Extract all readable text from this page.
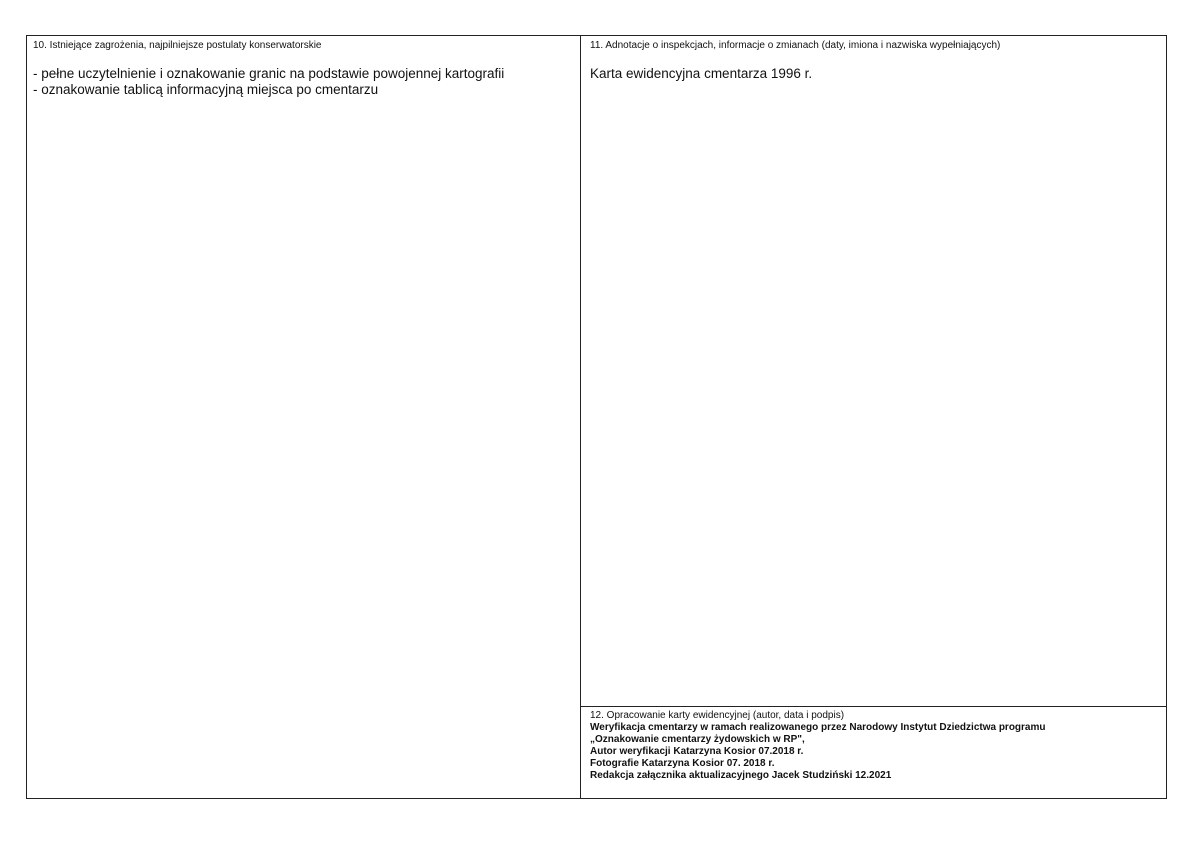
10. Istniejące zagrożenia, najpilniejsze postulaty konserwatorskie
- pełne uczytelnienie i oznakowanie granic na podstawie powojennej kartografii
- oznakowanie tablicą informacyjną miejsca po cmentarzu
11. Adnotacje o inspekcjach, informacje o zmianach (daty, imiona i nazwiska wypełniających)
Karta ewidencyjna cmentarza 1996 r.
12. Opracowanie karty ewidencyjnej (autor, data i podpis)
Weryfikacja cmentarzy w ramach realizowanego przez Narodowy Instytut Dziedzictwa programu
„Oznakowanie cmentarzy żydowskich w RP",
Autor weryfikacji Katarzyna Kosior 07.2018 r.
Fotografie Katarzyna Kosior 07. 2018 r.
Redakcja załącznika aktualizacyjnego Jacek Studziński 12.2021
